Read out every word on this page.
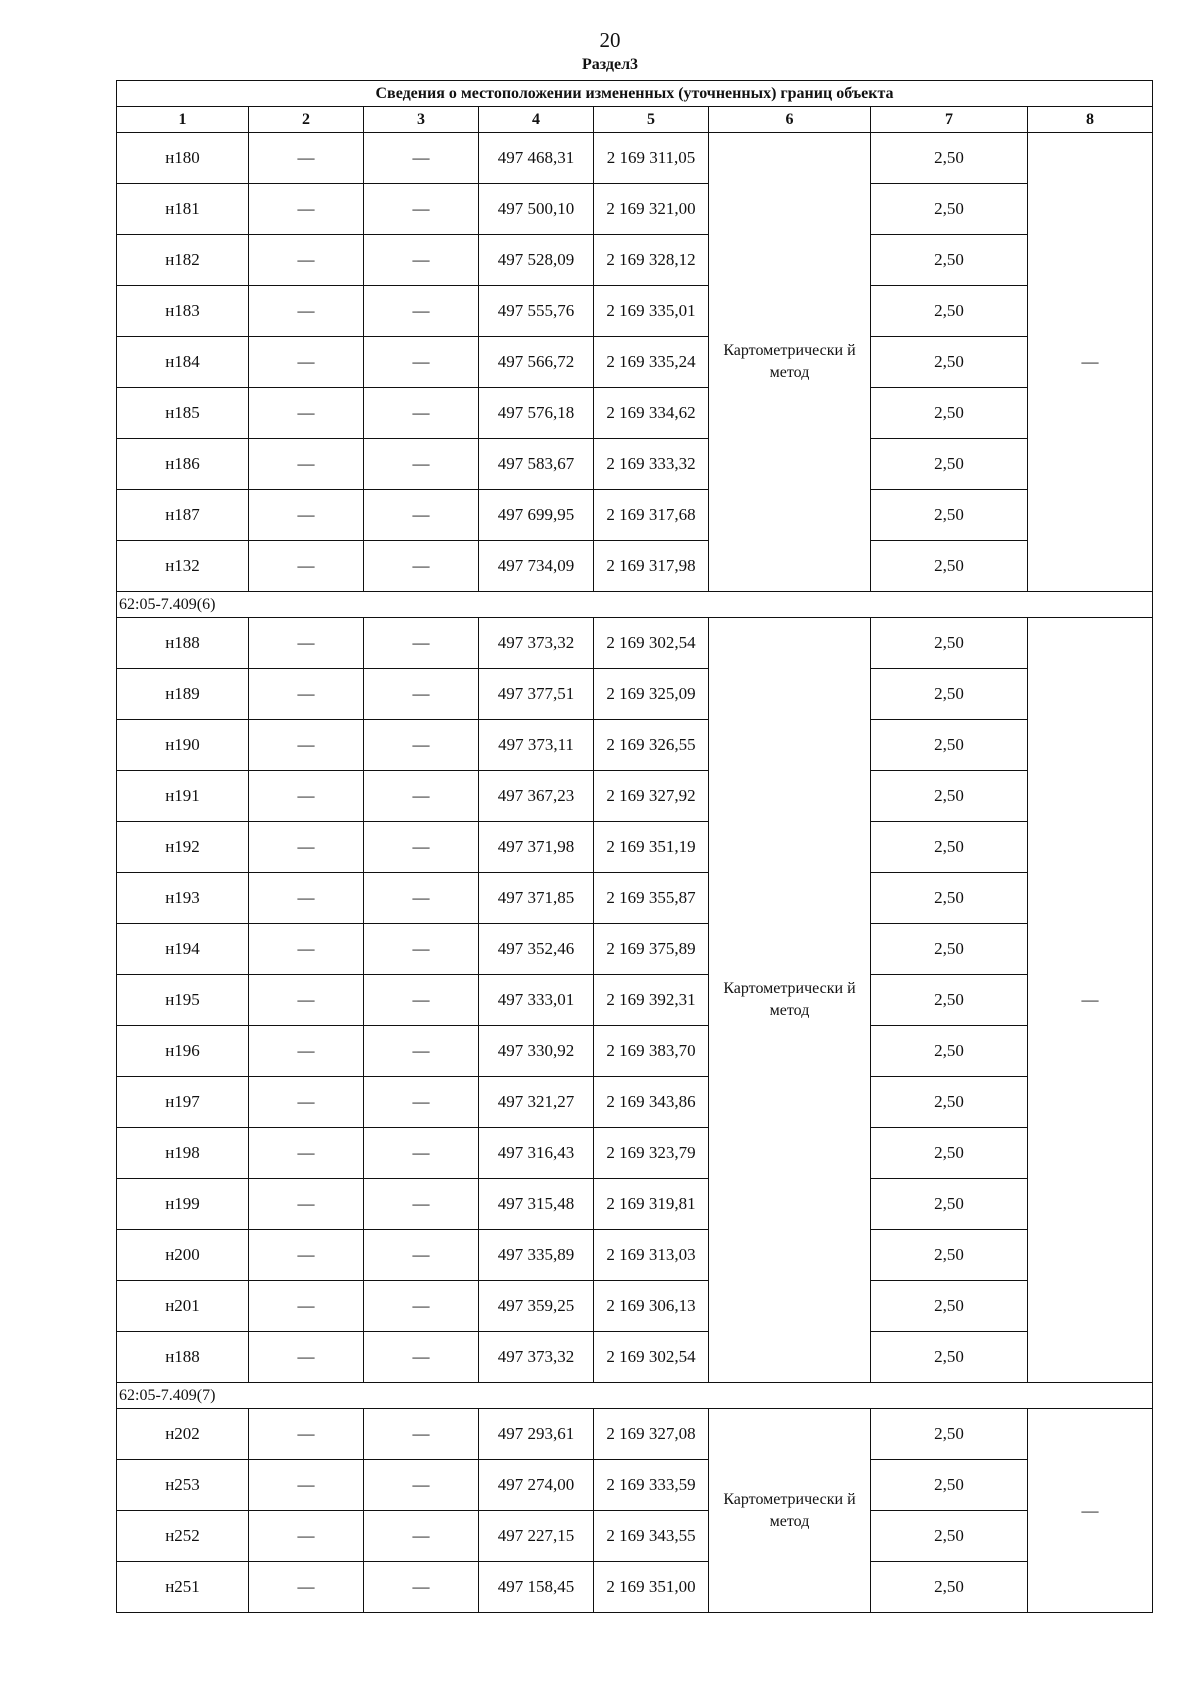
20
Раздел3
Сведения о местоположении измененных (уточненных) границ объекта							
1	2	3	4	5	6	7	8
н180	—	—	497 468,31	2 169 311,05	Картометрически й метод	2,50	—
н181	—	—	497 500,10	2 169 321,00		2,50	
н182	—	—	497 528,09	2 169 328,12		2,50	
н183	—	—	497 555,76	2 169 335,01		2,50	
н184	—	—	497 566,72	2 169 335,24		2,50	
н185	—	—	497 576,18	2 169 334,62		2,50	
н186	—	—	497 583,67	2 169 333,32		2,50	
н187	—	—	497 699,95	2 169 317,68		2,50	
н132	—	—	497 734,09	2 169 317,98		2,50	
62:05-7.409(6)							
н188	—	—	497 373,32	2 169 302,54	Картометрически й метод	2,50	—
н189	—	—	497 377,51	2 169 325,09		2,50	
н190	—	—	497 373,11	2 169 326,55		2,50	
н191	—	—	497 367,23	2 169 327,92		2,50	
н192	—	—	497 371,98	2 169 351,19		2,50	
н193	—	—	497 371,85	2 169 355,87		2,50	
н194	—	—	497 352,46	2 169 375,89		2,50	
н195	—	—	497 333,01	2 169 392,31		2,50	
н196	—	—	497 330,92	2 169 383,70		2,50	
н197	—	—	497 321,27	2 169 343,86		2,50	
н198	—	—	497 316,43	2 169 323,79		2,50	
н199	—	—	497 315,48	2 169 319,81		2,50	
н200	—	—	497 335,89	2 169 313,03		2,50	
н201	—	—	497 359,25	2 169 306,13		2,50	
н188	—	—	497 373,32	2 169 302,54		2,50	
62:05-7.409(7)							
н202	—	—	497 293,61	2 169 327,08	Картометрически й метод	2,50	—
н253	—	—	497 274,00	2 169 333,59		2,50	
н252	—	—	497 227,15	2 169 343,55		2,50	
н251	—	—	497 158,45	2 169 351,00		2,50	
